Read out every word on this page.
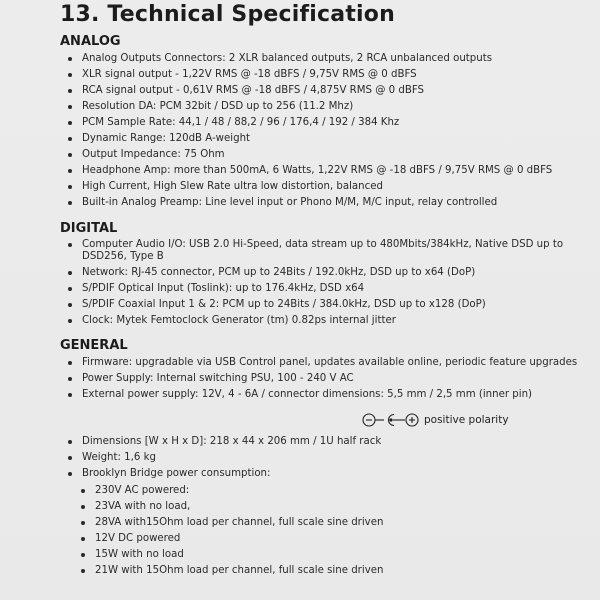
13. Technical Specification
ANALOG
Analog Outputs Connectors: 2 XLR balanced outputs, 2 RCA unbalanced outputs
XLR signal output - 1,22V RMS @ -18 dBFS / 9,75V RMS @ 0 dBFS
RCA signal output - 0,61V RMS @ -18 dBFS / 4,875V RMS @ 0 dBFS
Resolution DA: PCM 32bit / DSD up to 256 (11.2 Mhz)
PCM Sample Rate: 44,1 / 48 / 88,2 / 96 / 176,4 / 192 / 384 Khz
Dynamic Range: 120dB A-weight
Output Impedance: 75 Ohm
Headphone Amp: more than 500mA, 6 Watts, 1,22V RMS @ -18 dBFS / 9,75V RMS @ 0 dBFS
High Current, High Slew Rate ultra low distortion, balanced
Built-in Analog Preamp: Line level input or Phono M/M, M/C input, relay controlled
DIGITAL
Computer Audio I/O: USB 2.0 Hi-Speed, data stream up to 480Mbits/384kHz, Native DSD up to DSD256, Type B
Network: RJ-45 connector, PCM up to 24Bits / 192.0kHz, DSD up to x64 (DoP)
S/PDIF Optical Input (Toslink): up to 176.4kHz, DSD x64
S/PDIF Coaxial Input 1 & 2: PCM up to 24Bits / 384.0kHz, DSD up to x128 (DoP)
Clock: Mytek Femtoclock Generator (tm) 0.82ps internal jitter
GENERAL
Firmware: upgradable via USB Control panel, updates available online, periodic feature upgrades
Power Supply: Internal switching PSU, 100 - 240 V AC
External power supply: 12V, 4 - 6A / connector dimensions: 5,5 mm / 2,5 mm (inner pin)
positive polarity
Dimensions [W x H x D]: 218 x 44 x 206 mm / 1U half rack
Weight: 1,6 kg
Brooklyn Bridge power consumption:
230V AC powered:
23VA with no load,
28VA with15Ohm load per channel, full scale sine driven
12V DC powered
15W with no load
21W with 15Ohm load per channel, full scale sine driven
